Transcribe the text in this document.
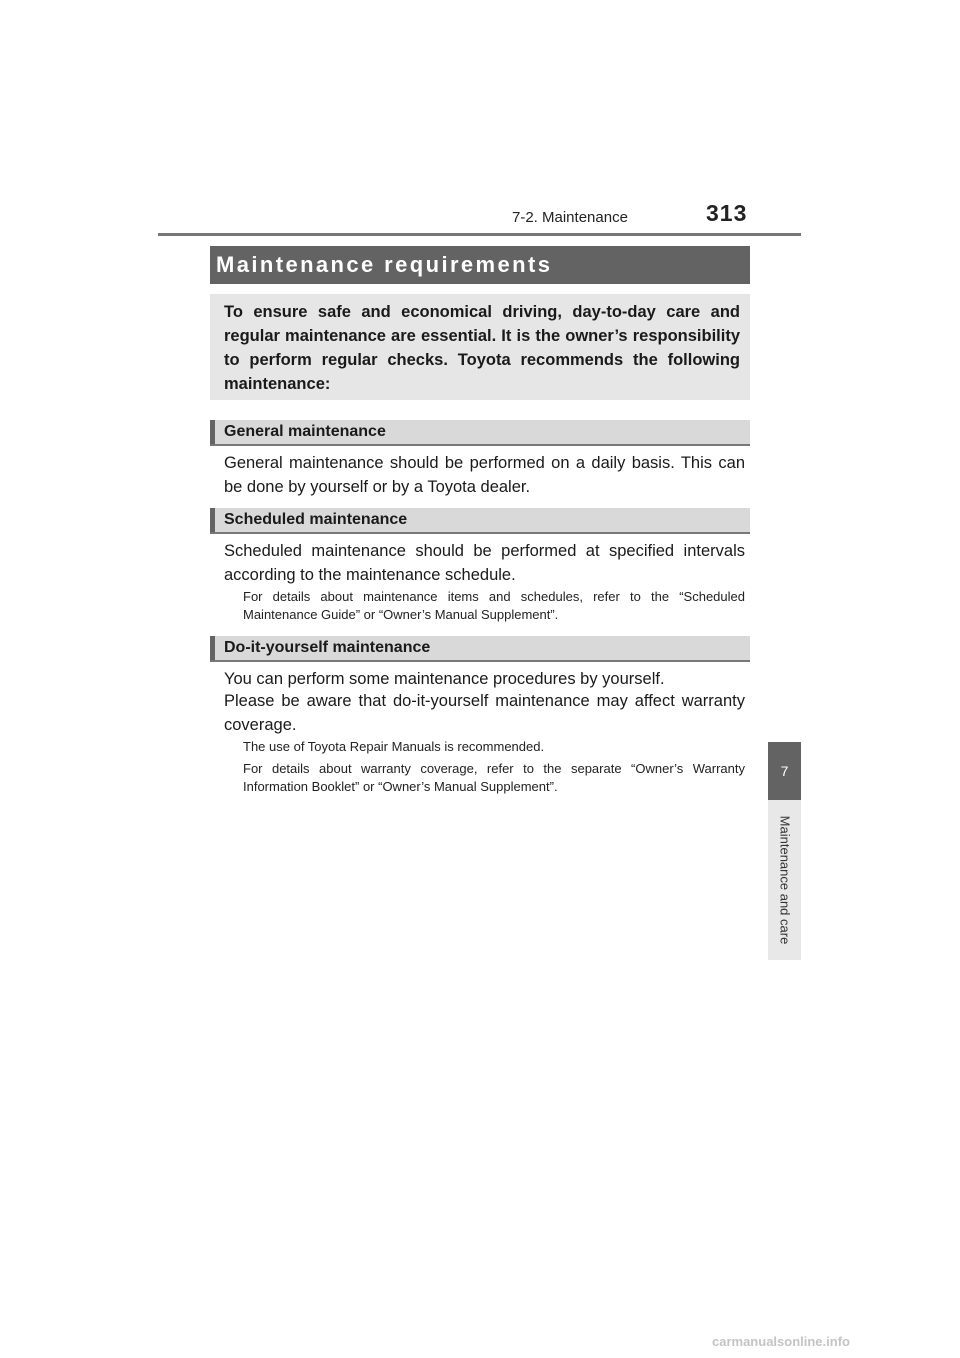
7-2. Maintenance	313
7
Maintenance and care
Maintenance requirements

To ensure safe and economical driving, day-to-day care and regular maintenance are essential. It is the owner’s responsibility to perform regular checks. Toyota recommends the following maintenance:

General maintenance

General maintenance should be performed on a daily basis. This can be done by yourself or by a Toyota dealer.

Scheduled maintenance

Scheduled maintenance should be performed at specified intervals according to the maintenance schedule.

For details about maintenance items and schedules, refer to the “Scheduled Maintenance Guide” or “Owner’s Manual Supplement”.

Do-it-yourself maintenance

You can perform some maintenance procedures by yourself.

Please be aware that do-it-yourself maintenance may affect warranty coverage.

The use of Toyota Repair Manuals is recommended.

For details about warranty coverage, refer to the separate “Owner’s Warranty Information Booklet” or “Owner’s Manual Supplement”.

carmanualsonline.info
